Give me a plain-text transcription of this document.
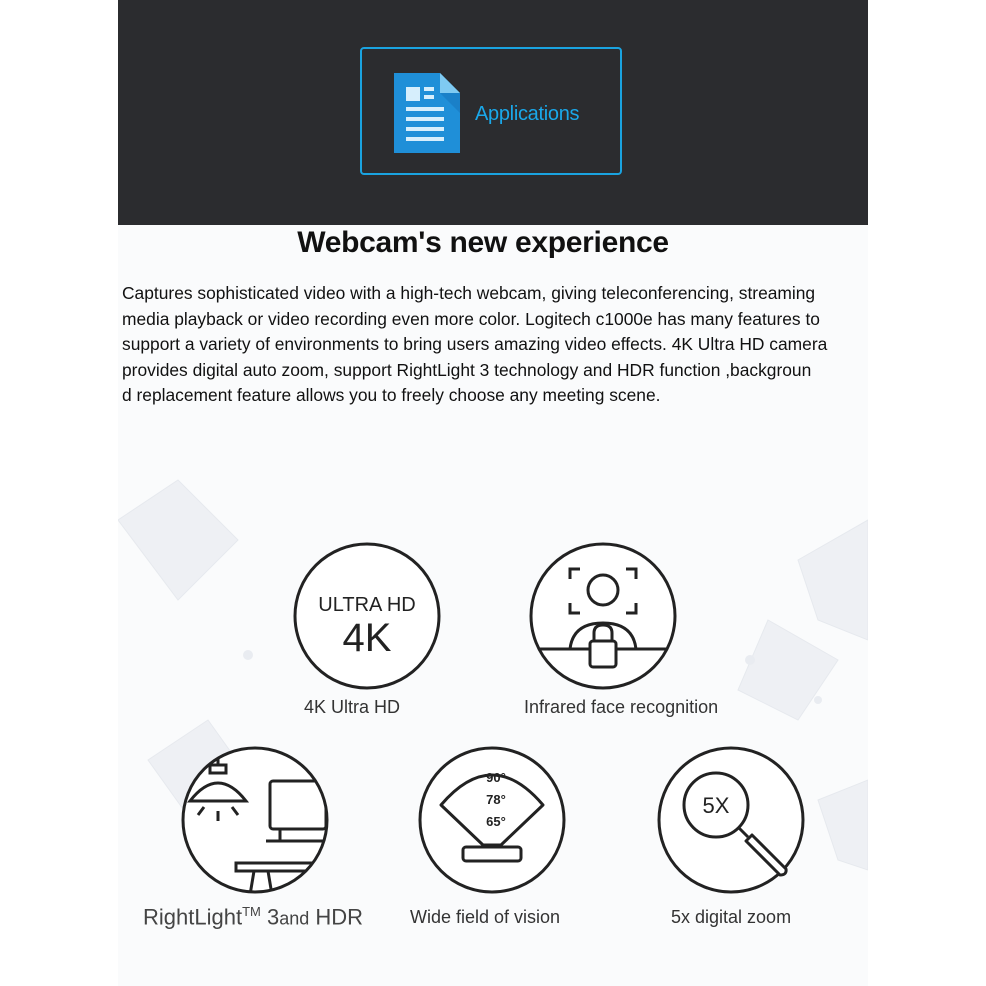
Applications
Webcam's new experience
Captures sophisticated video with a high-tech webcam, giving teleconferencing, streaming
media playback or video recording even more color. Logitech c1000e has many features to
support a variety of environments to bring users amazing video effects. 4K Ultra HD camera
provides digital auto zoom, support RightLight 3 technology and HDR function ,backgroun
d replacement feature allows you to freely choose any meeting scene.
ULTRA HD
4K
4K Ultra HD	Infrared face recognition
RightLight™ 3and HDR
90°
78°
65°
Wide field of vision
5X
5x digital zoom
